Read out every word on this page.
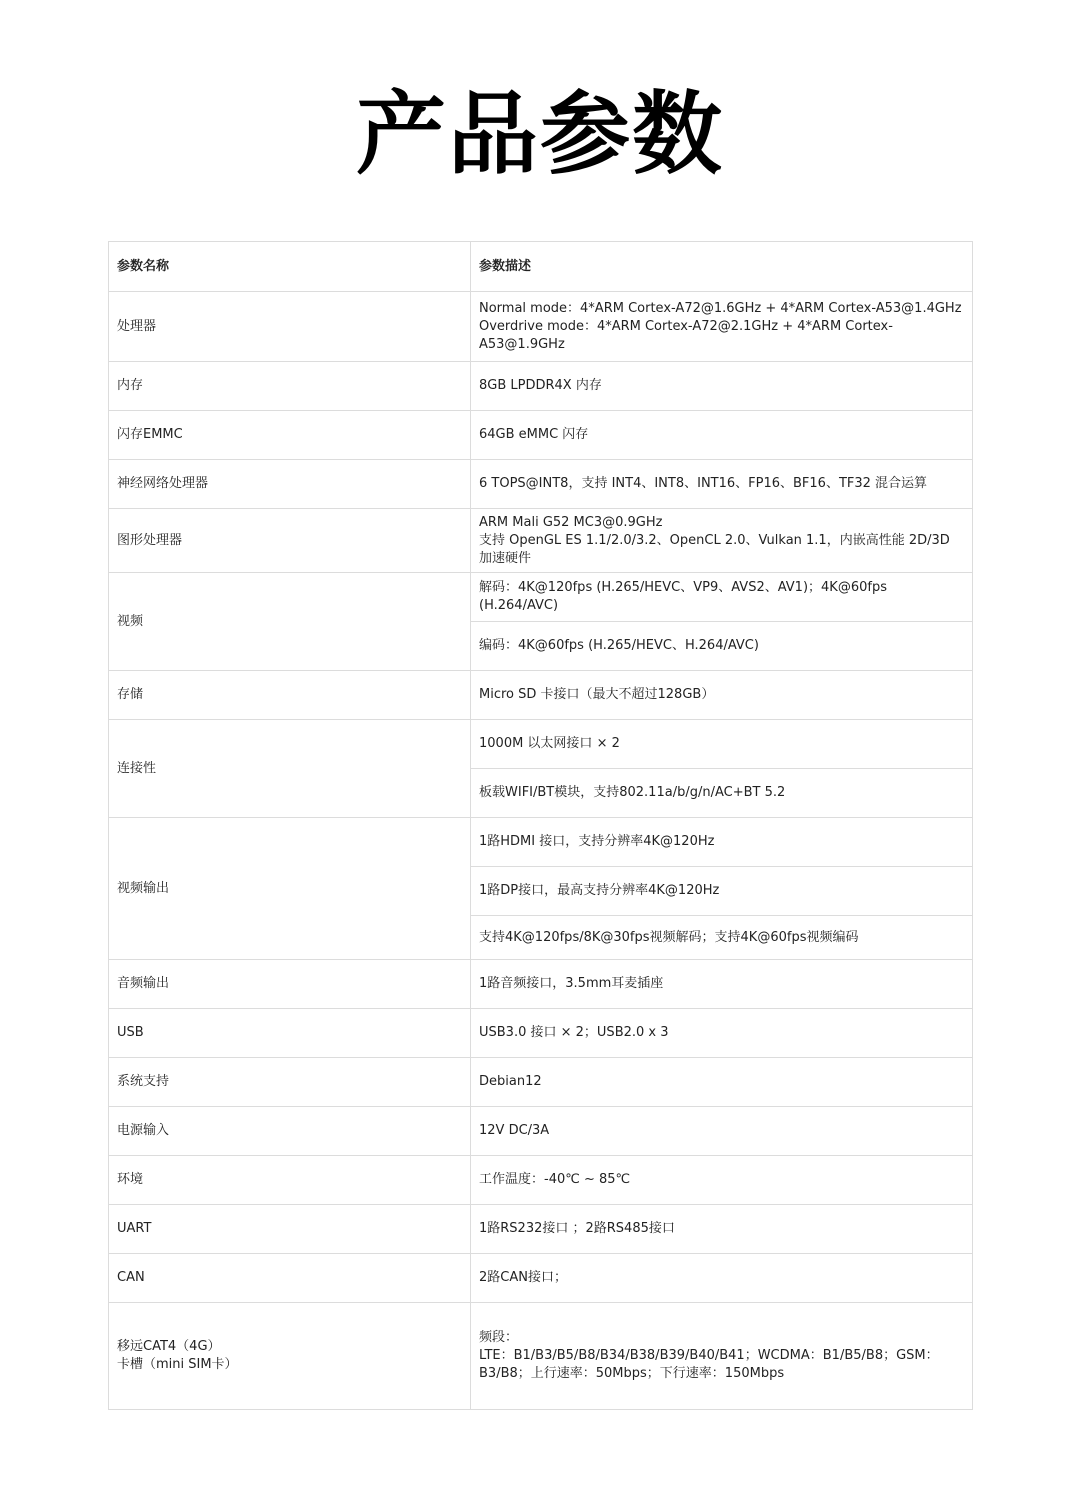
产品参数
参数名称	参数描述
处理器	Normal mode：4*ARM Cortex-A72@1.6GHz + 4*ARM Cortex-A53@1.4GHz
Overdrive mode：4*ARM Cortex-A72@2.1GHz + 4*ARM Cortex-
A53@1.9GHz

内存	8GB LPDDR4X 内存
闪存EMMC	64GB eMMC 闪存
神经网络处理器	6 TOPS@INT8，支持 INT4、INT8、INT16、FP16、BF16、TF32 混合运算
图形处理器	ARM Mali G52 MC3@0.9GHz
支持 OpenGL ES 1.1/2.0/3.2、OpenCL 2.0、Vulkan 1.1，内嵌高性能 2D/3D
加速硬件

视频	解码：4K@120fps (H.265/HEVC、VP9、AVS2、AV1)；4K@60fps
(H.264/AVC)

	编码：4K@60fps (H.265/HEVC、H.264/AVC)
存储	Micro SD 卡接口（最大不超过128GB）
连接性	1000M 以太网接口 × 2
	板载WIFI/BT模块，支持802.11a/b/g/n/AC+BT 5.2
视频输出	1路HDMI 接口，支持分辨率4K@120Hz
	1路DP接口，最高支持分辨率4K@120Hz
	支持4K@120fps/8K@30fps视频解码；支持4K@60fps视频编码
音频输出	1路音频接口，3.5mm耳麦插座
USB	USB3.0 接口 × 2；USB2.0 x 3
系统支持	Debian12
电源输入	12V DC/3A
环境	工作温度：-40℃ ~ 85℃
UART	1路RS232接口 ；2路RS485接口
CAN	2路CAN接口；

移远CAT4（4G）
卡槽（mini SIM卡）	频段：
LTE：B1/B3/B5/B8/B34/B38/B39/B40/B41；WCDMA：B1/B5/B8；GSM：
B3/B8；上行速率：50Mbps；下行速率：150Mbps
